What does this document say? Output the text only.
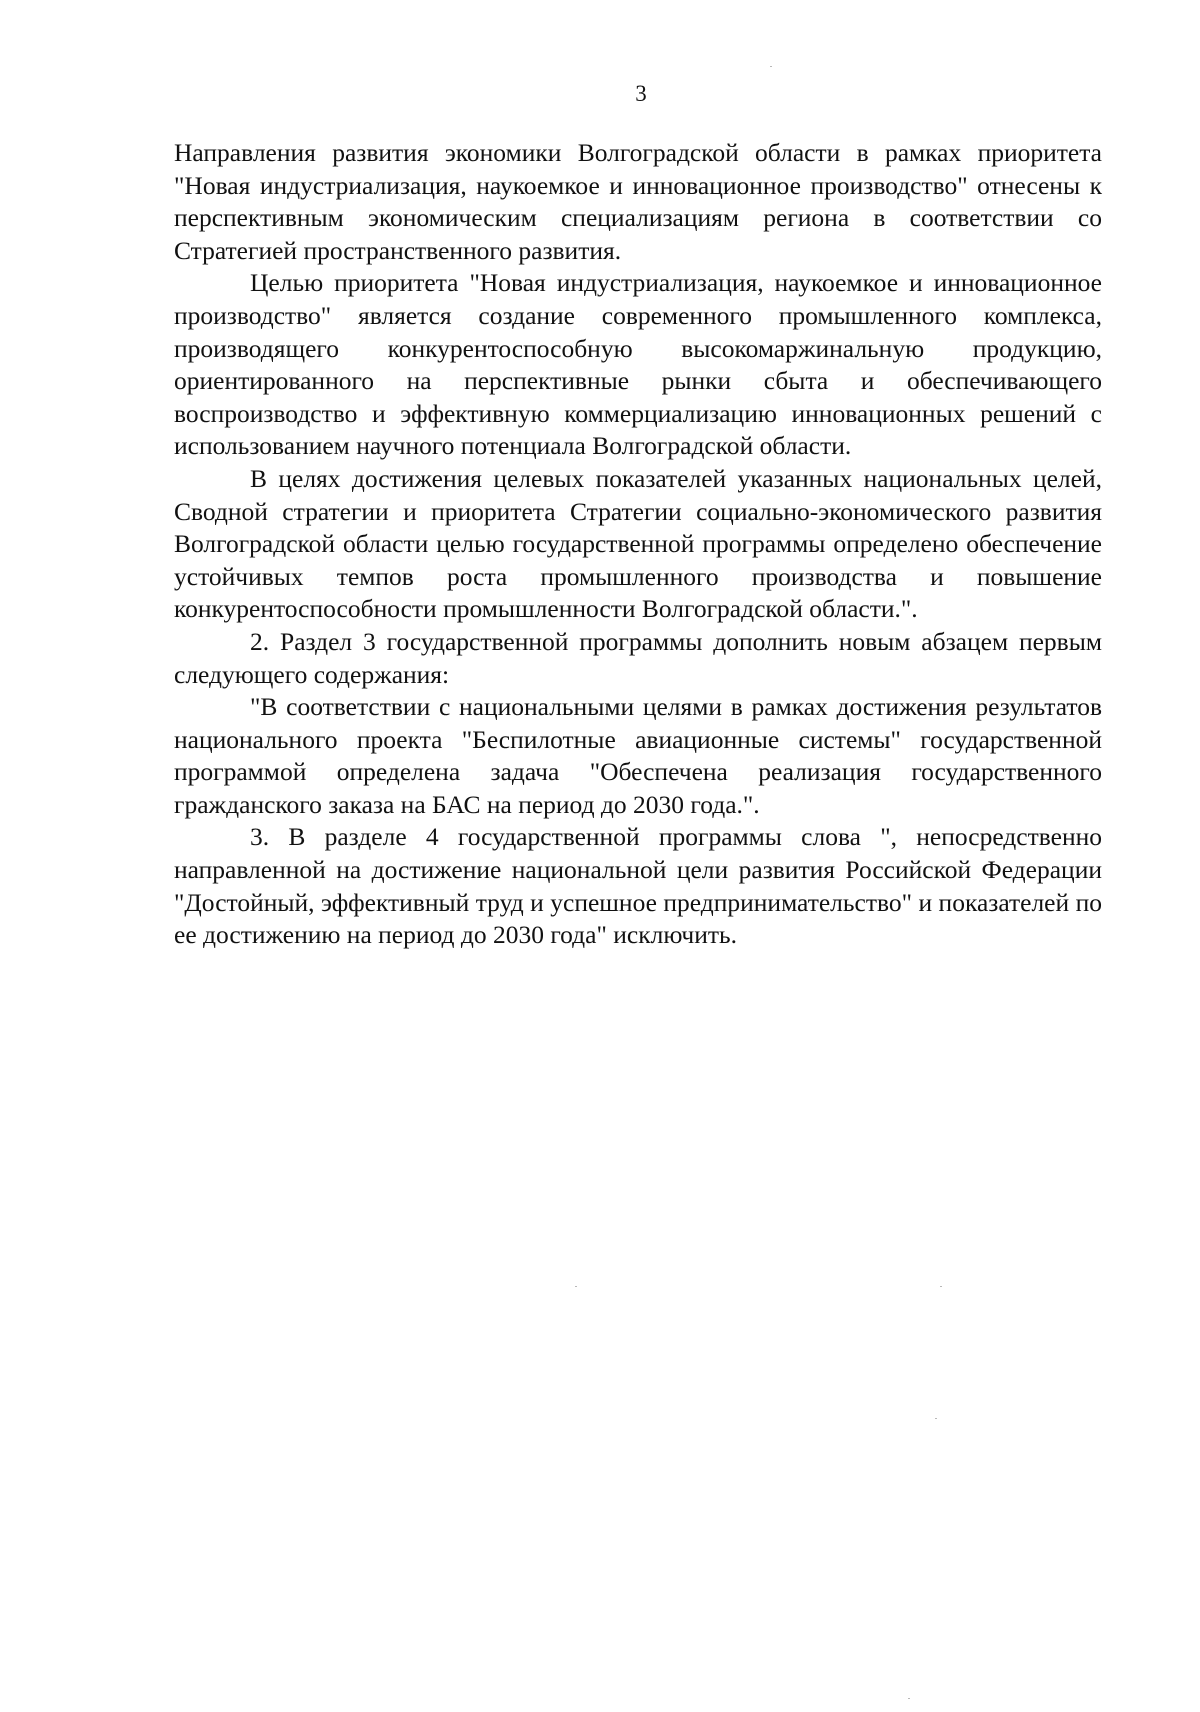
3

Направления развития экономики Волгоградской области в рамках приоритета "Новая индустриализация, наукоемкое и инновационное производство" отнесены к перспективным экономическим специализациям региона в соответствии со Стратегией пространственного развития.

Целью приоритета "Новая индустриализация, наукоемкое и инновационное производство" является создание современного промышленного комплекса, производящего конкурентоспособную высокомаржинальную продукцию, ориентированного на перспективные рынки сбыта и обеспечивающего воспроизводство и эффективную коммерциализацию инновационных решений с использованием научного потенциала Волгоградской области.

В целях достижения целевых показателей указанных национальных целей, Сводной стратегии и приоритета Стратегии социально-экономического развития Волгоградской области целью государственной программы определено обеспечение устойчивых темпов роста промышленного производства и повышение конкурентоспособности промышленности Волгоградской области.".

2. Раздел 3 государственной программы дополнить новым абзацем первым следующего содержания:

"В соответствии с национальными целями в рамках достижения результатов национального проекта "Беспилотные авиационные системы" государственной программой определена задача "Обеспечена реализация государственного гражданского заказа на БАС на период до 2030 года.".

3. В разделе 4 государственной программы слова ", непосредственно направленной на достижение национальной цели развития Российской Федерации "Достойный, эффективный труд и успешное предпринимательство" и показателей по ее достижению на период до 2030 года" исключить.
